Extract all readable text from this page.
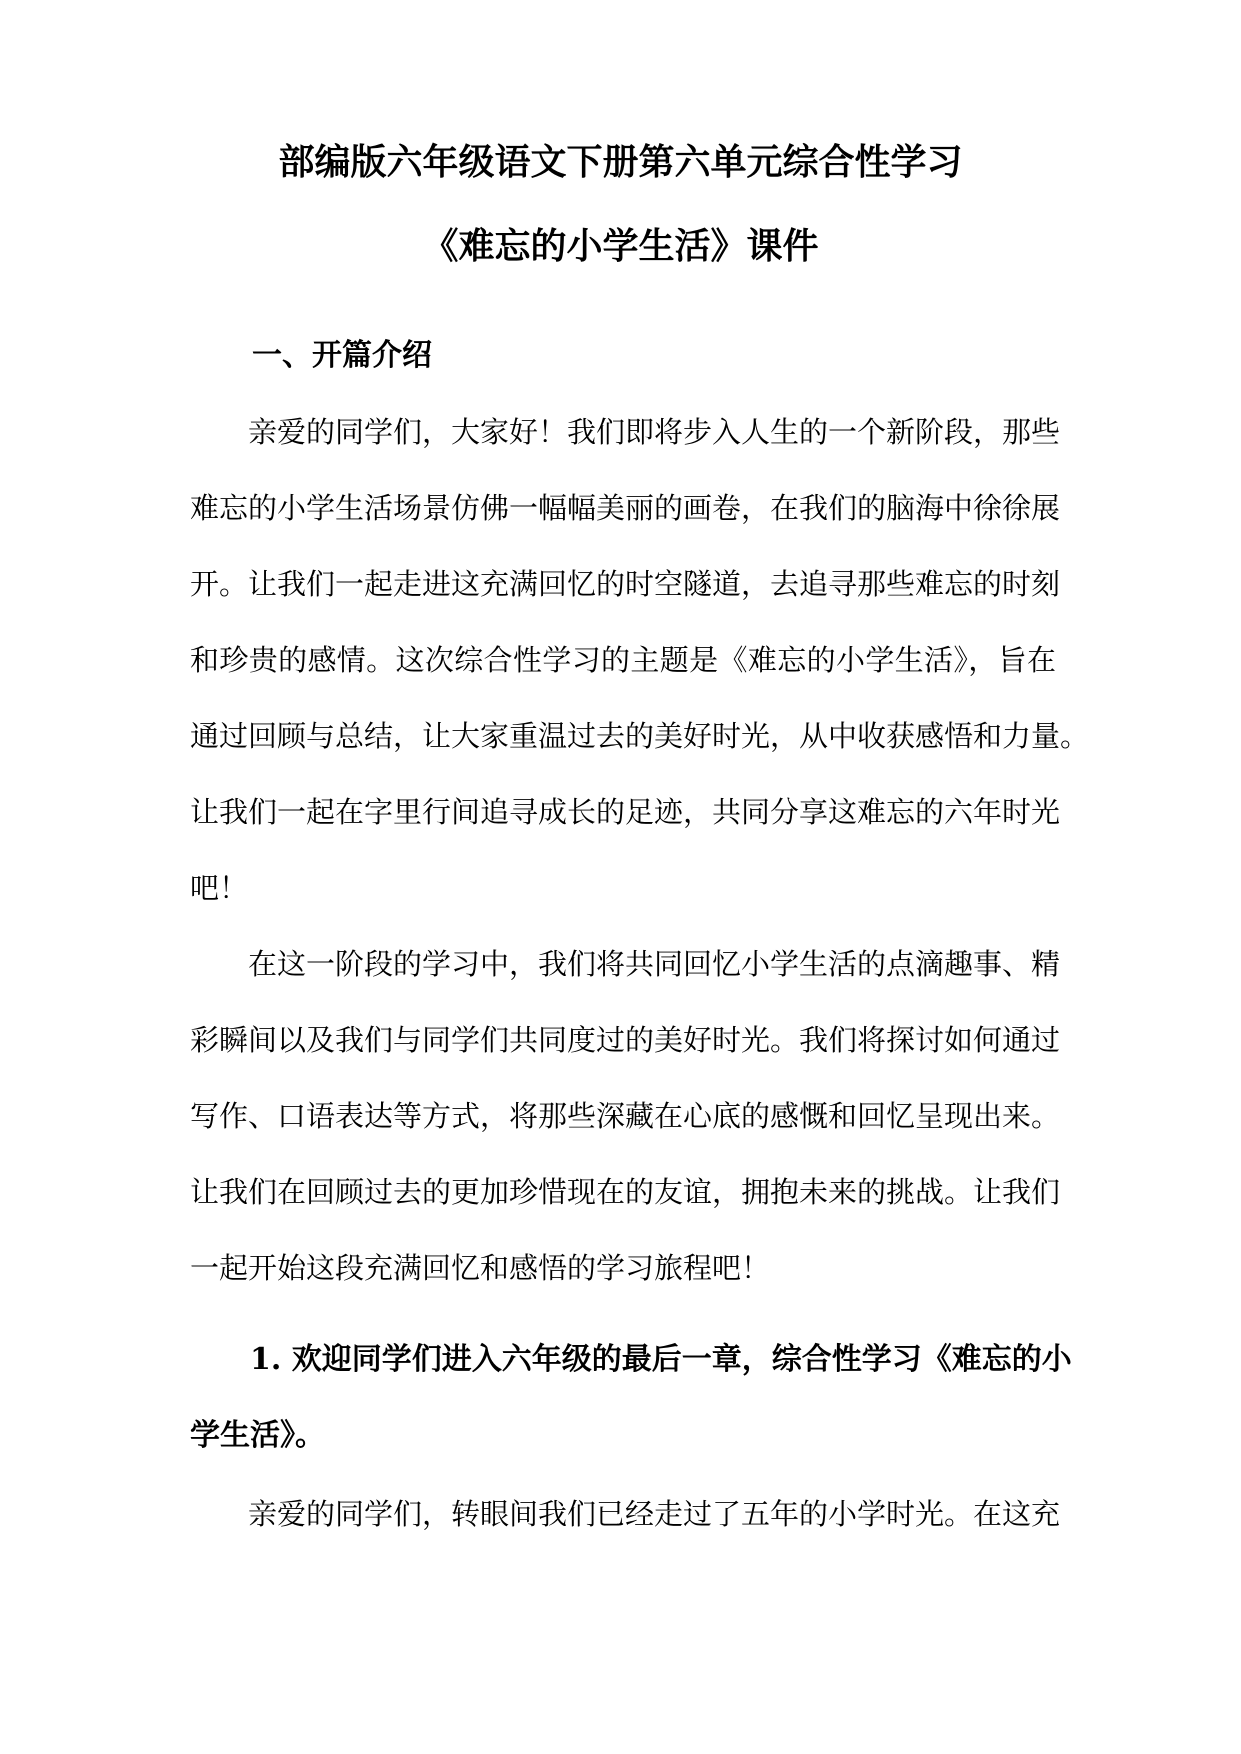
部编版六年级语文下册第六单元综合性学习
《难忘的小学生活》课件
一、开篇介绍

　　亲爱的同学们，大家好！我们即将步入人生的一个新阶段，那些

难忘的小学生活场景仿佛一幅幅美丽的画卷，在我们的脑海中徐徐展

开。让我们一起走进这充满回忆的时空隧道，去追寻那些难忘的时刻

和珍贵的感情。这次综合性学习的主题是《难忘的小学生活》，旨在

通过回顾与总结，让大家重温过去的美好时光，从中收获感悟和力量。

让我们一起在字里行间追寻成长的足迹，共同分享这难忘的六年时光

吧！

　　在这一阶段的学习中，我们将共同回忆小学生活的点滴趣事、精

彩瞬间以及我们与同学们共同度过的美好时光。我们将探讨如何通过

写作、口语表达等方式，将那些深藏在心底的感慨和回忆呈现出来。

让我们在回顾过去的更加珍惜现在的友谊，拥抱未来的挑战。让我们

一起开始这段充满回忆和感悟的学习旅程吧！

　　1. 欢迎同学们进入六年级的最后一章，综合性学习《难忘的小

学生活》。

　　亲爱的同学们，转眼间我们已经走过了五年的小学时光。在这充
